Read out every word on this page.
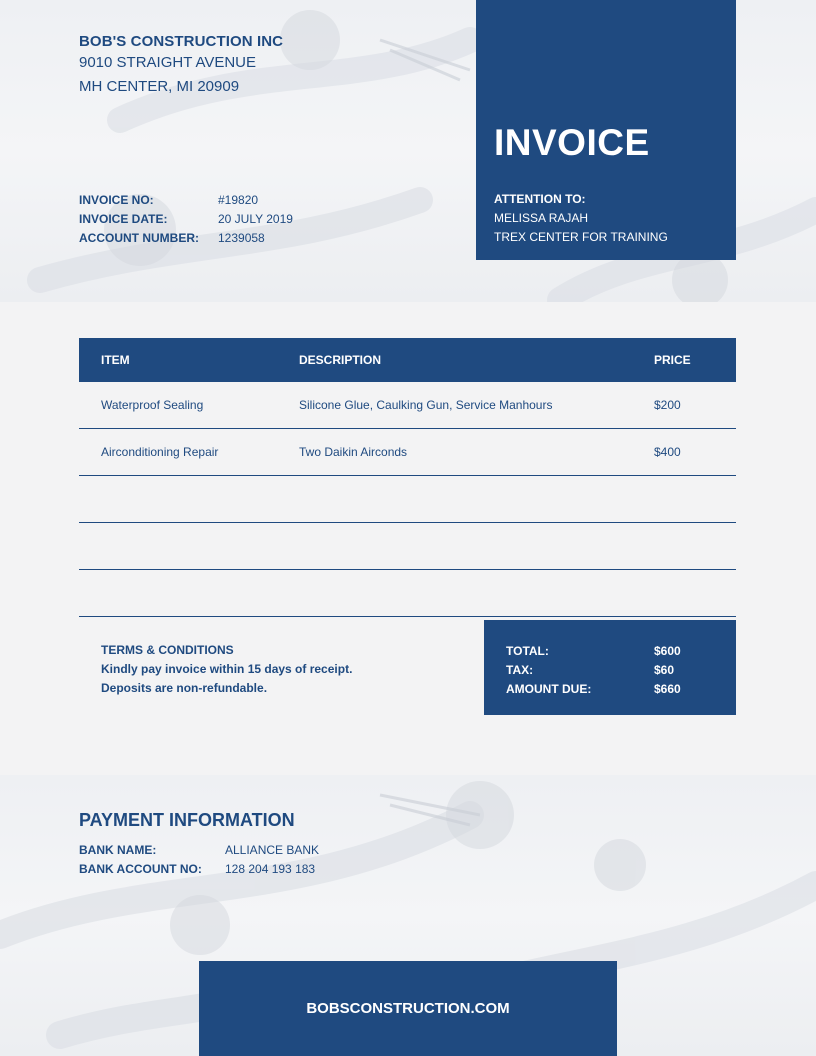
BOB'S CONSTRUCTION INC
9010 STRAIGHT AVENUE
MH CENTER, MI 20909
INVOICE NO:	#19820
INVOICE DATE:	20 JULY 2019
ACCOUNT NUMBER:	1239058
INVOICE
ATTENTION TO:
MELISSA RAJAH
TREX CENTER FOR TRAINING
ITEM	DESCRIPTION	PRICE
Waterproof Sealing	Silicone Glue, Caulking Gun, Service Manhours	$200
Airconditioning Repair	Two Daikin Airconds	$400
TERMS & CONDITIONS
Kindly pay invoice within 15 days of receipt.
Deposits are non-refundable.
TOTAL:	$600
TAX:	$60
AMOUNT DUE:	$660
PAYMENT INFORMATION
BANK NAME:	ALLIANCE BANK
BANK ACCOUNT NO:	128 204 193 183
BOBSCONSTRUCTION.COM
